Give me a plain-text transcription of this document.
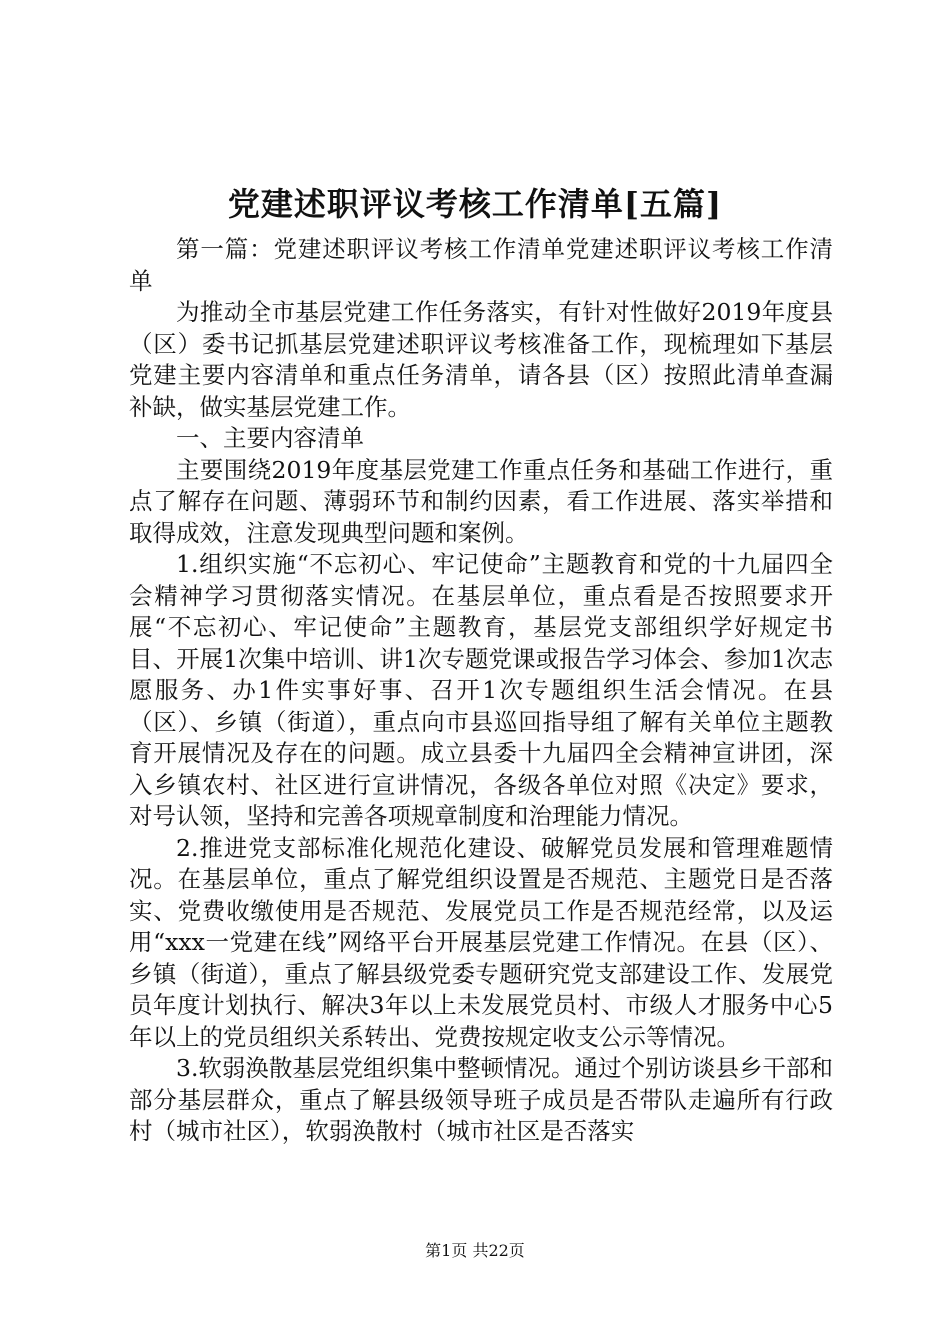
党建述职评议考核工作清单[五篇]

第一篇：党建述职评议考核工作清单党建述职评议考核工作清单

为推动全市基层党建工作任务落实，有针对性做好2019年度县（区）委书记抓基层党建述职评议考核准备工作，现梳理如下基层党建主要内容清单和重点任务清单，请各县（区）按照此清单查漏补缺，做实基层党建工作。

一、主要内容清单

主要围绕2019年度基层党建工作重点任务和基础工作进行，重点了解存在问题、薄弱环节和制约因素，看工作进展、落实举措和取得成效，注意发现典型问题和案例。

1.组织实施“不忘初心、牢记使命”主题教育和党的十九届四全会精神学习贯彻落实情况。在基层单位，重点看是否按照要求开展“不忘初心、牢记使命”主题教育，基层党支部组织学好规定书目、开展1次集中培训、讲1次专题党课或报告学习体会、参加1次志愿服务、办1件实事好事、召开1次专题组织生活会情况。在县（区）、乡镇（街道），重点向市县巡回指导组了解有关单位主题教育开展情况及存在的问题。成立县委十九届四全会精神宣讲团，深入乡镇农村、社区进行宣讲情况，各级各单位对照《决定》要求，对号认领，坚持和完善各项规章制度和治理能力情况。

2.推进党支部标准化规范化建设、破解党员发展和管理难题情况。在基层单位，重点了解党组织设置是否规范、主题党日是否落实、党费收缴使用是否规范、发展党员工作是否规范经常，以及运用“xxx一党建在线”网络平台开展基层党建工作情况。在县（区）、乡镇（街道），重点了解县级党委专题研究党支部建设工作、发展党员年度计划执行、解决3年以上未发展党员村、市级人才服务中心5年以上的党员组织关系转出、党费按规定收支公示等情况。

3.软弱涣散基层党组织集中整顿情况。通过个别访谈县乡干部和部分基层群众，重点了解县级领导班子成员是否带队走遍所有行政村（城市社区），软弱涣散村（城市社区是否落实

第1页 共22页
